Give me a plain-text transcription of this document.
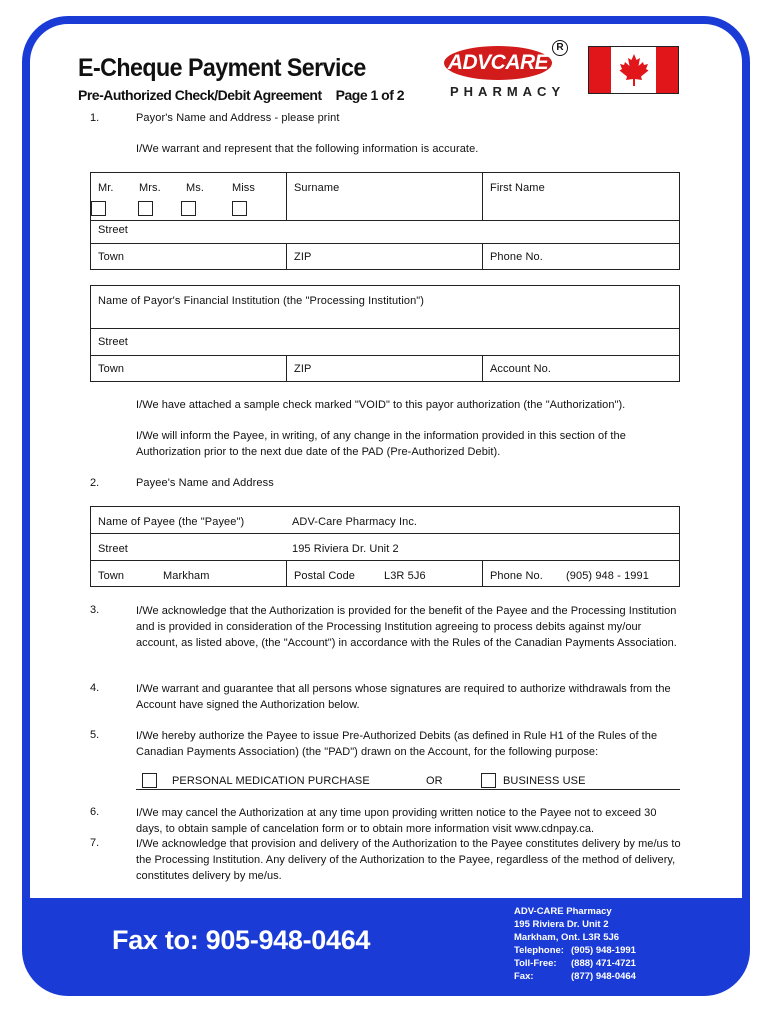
E-Cheque Payment Service
Pre-Authorized Check/Debit Agreement Page 1 of 2
ADVCARE
R
PHARMACY
1.	Payor's Name and Address - please print
I/We warrant and represent that the following information is accurate.
Mr. Mrs. Ms.	Miss	Surname	First Name
Street
Town	ZIP	Phone No.
Name of Payor's Financial Institution (the "Processing Institution")
Street
Town	ZIP	Account No.
I/We have attached a sample check marked "VOID" to this payor authorization (the "Authorization").
I/We will inform the Payee, in writing, of any change in the information provided in this section of the Authorization prior to the next due date of the PAD (Pre-Authorized Debit).
2.	Payee's Name and Address
Name of Payee (the "Payee")	ADV-Care Pharmacy Inc.
Street	195 Riviera Dr. Unit 2
Town	Markham	Postal Code	L3R 5J6	Phone No. (905) 948 - 1991
3.	I/We acknowledge that the Authorization is provided for the benefit of the Payee and the Processing Institution and is provided in consideration of the Processing Institution agreeing to process debits against my/our account, as listed above, (the "Account") in accordance with the Rules of the Canadian Payments Association.
4.	I/We warrant and guarantee that all persons whose signatures are required to authorize withdrawals from the Account have signed the Authorization below.
5.	I/We hereby authorize the Payee to issue Pre-Authorized Debits (as defined in Rule H1 of the Rules of the Canadian Payments Association) (the "PAD") drawn on the Account, for the following purpose:
PERSONAL MEDICATION PURCHASE	OR	BUSINESS USE
6.	I/We may cancel the Authorization at any time upon providing written notice to the Payee not to exceed 30 days, to obtain sample of cancelation form or to obtain more information visit www.cdnpay.ca.
7.	I/We acknowledge that provision and delivery of the Authorization to the Payee constitutes delivery by me/us to the Processing Institution. Any delivery of the Authorization to the Payee, regardless of the method of delivery, constitutes delivery by me/us.
Fax to: 905-948-0464
ADV-CARE Pharmacy
195 Riviera Dr. Unit 2
Markham, Ont. L3R 5J6
Telephone: (905) 948-1991
Toll-Free: (888) 471-4721
Fax:	(877) 948-0464
